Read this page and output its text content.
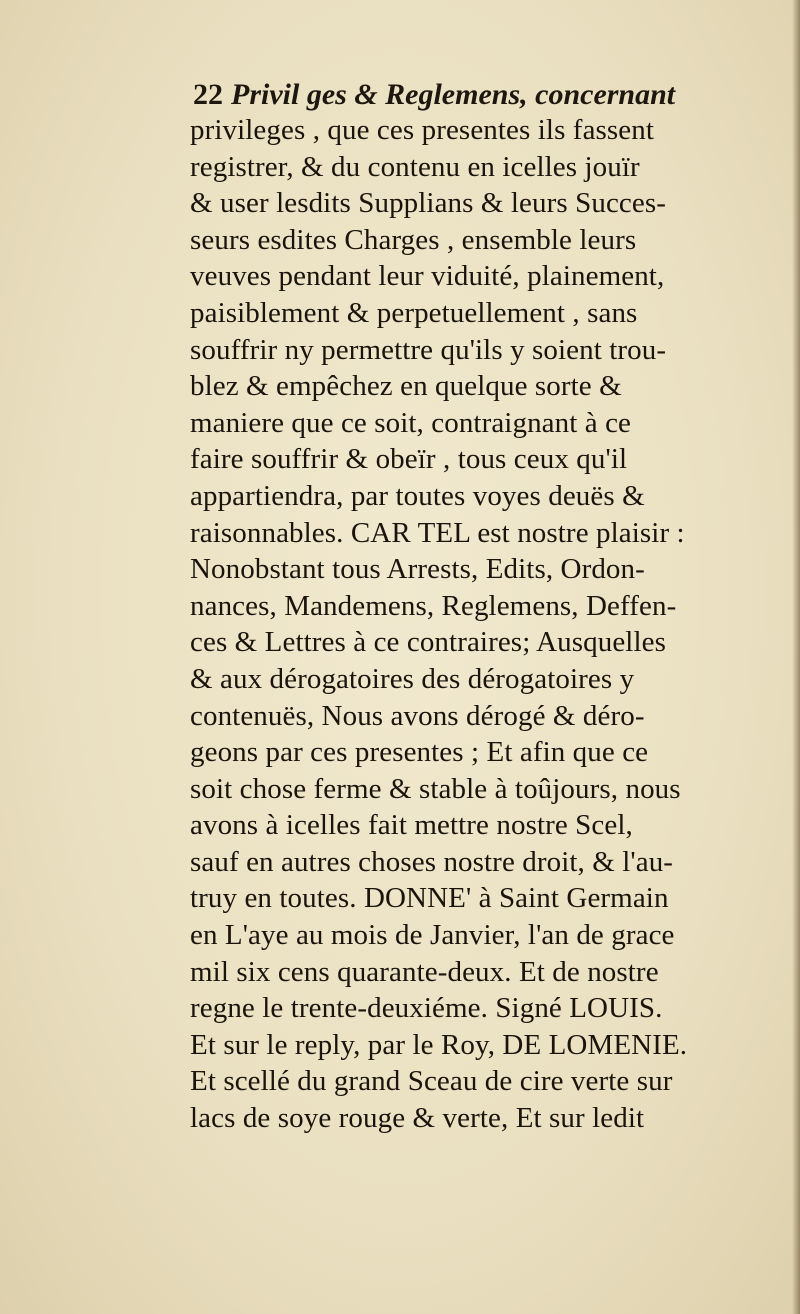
22 Privil ges & Reglemens, concernant
privileges , que ces presentes ils fassent
registrer, & du contenu en icelles jouïr
& user lesdits Supplians & leurs Succes-
seurs esdites Charges , ensemble leurs
veuves pendant leur viduité, plainement,
paisiblement & perpetuellement , sans
souffrir ny permettre qu'ils y soient trou-
blez & empêchez en quelque sorte &
maniere que ce soit, contraignant à ce
faire souffrir & obeïr , tous ceux qu'il
appartiendra, par toutes voyes deuës &
raisonnables. CAR TEL est nostre plaisir :
Nonobstant tous Arrests, Edits, Ordon-
nances, Mandemens, Reglemens, Deffen-
ces & Lettres à ce contraires; Ausquelles
& aux dérogatoires des dérogatoires y
contenuës, Nous avons dérogé & déro-
geons par ces presentes ; Et afin que ce
soit chose ferme & stable à toûjours, nous
avons à icelles fait mettre nostre Scel,
sauf en autres choses nostre droit, & l'au-
truy en toutes. DONNE' à Saint Germain
en L'aye au mois de Janvier, l'an de grace
mil six cens quarante-deux. Et de nostre
regne le trente-deuxiéme. Signé LOUIS.
Et sur le reply, par le Roy, DE LOMENIE.
Et scellé du grand Sceau de cire verte sur
lacs de soye rouge & verte, Et sur ledit
